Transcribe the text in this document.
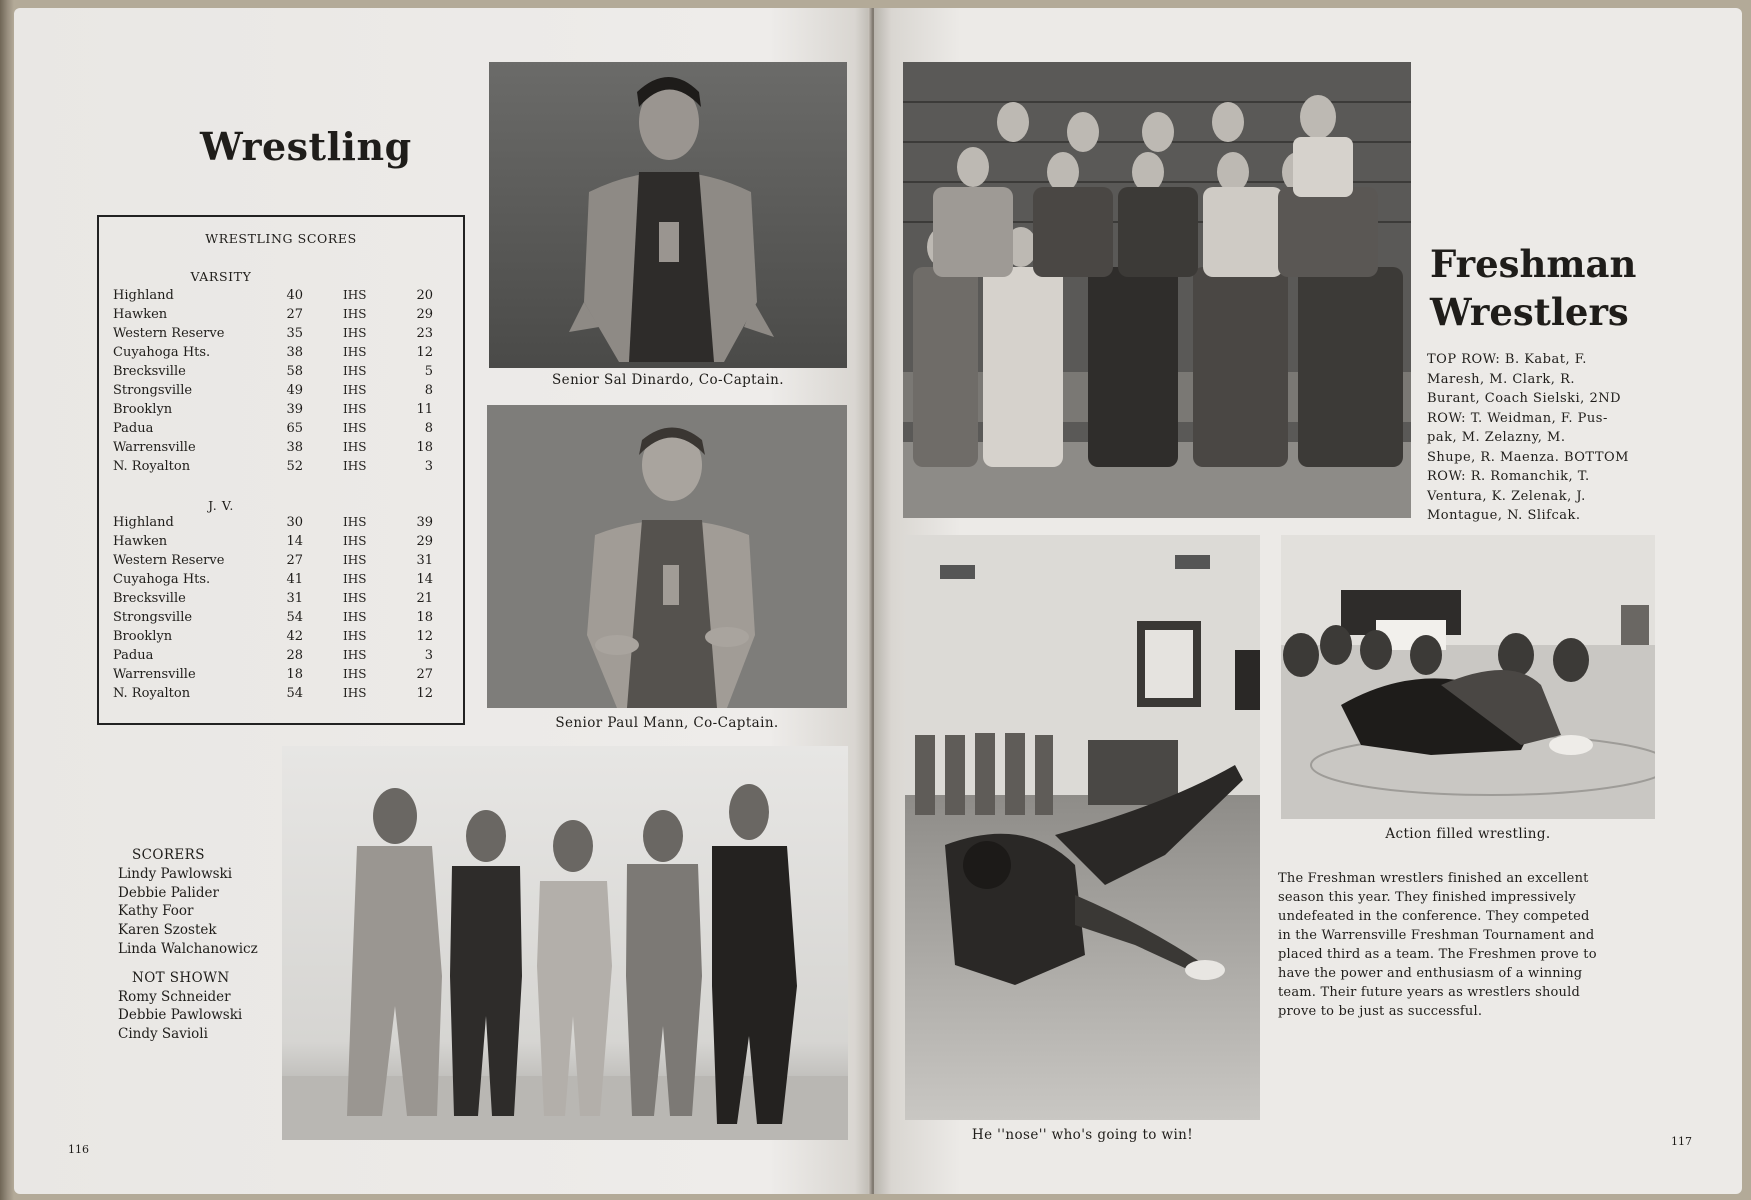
Wrestling
WRESTLING SCORES
VARSITY
Highland	40	IHS	20
Hawken	27	IHS	29
Western Reserve	35	IHS	23
Cuyahoga Hts.	38	IHS	12
Brecksville	58	IHS	5
Strongsville	49	IHS	8
Brooklyn	39	IHS	11
Padua	65	IHS	8
Warrensville	38	IHS	18
N. Royalton	52	IHS	3
J. V.
Highland	30	IHS	39
Hawken	14	IHS	29
Western Reserve	27	IHS	31
Cuyahoga Hts.	41	IHS	14
Brecksville	31	IHS	21
Strongsville	54	IHS	18
Brooklyn	42	IHS	12
Padua	28	IHS	3
Warrensville	18	IHS	27
N. Royalton	54	IHS	12
Senior Sal Dinardo, Co-Captain.
Senior Paul Mann, Co-Captain.
SCORERS
Lindy Pawlowski
Debbie Palider
Kathy Foor
Karen Szostek
Linda Walchanowicz
NOT SHOWN
Romy Schneider
Debbie Pawlowski
Cindy Savioli
116
Freshman
Wrestlers
TOP ROW: B. Kabat, F.
Maresh, M. Clark, R.
Burant, Coach Sielski, 2ND
ROW: T. Weidman, F. Pus-
pak, M. Zelazny, M.
Shupe, R. Maenza. BOTTOM
ROW: R. Romanchik, T.
Ventura, K. Zelenak, J.
Montague, N. Slifcak.
He ''nose'' who's going to win!
Action filled wrestling.
The Freshman wrestlers finished an excellent
season this year. They finished impressively
undefeated in the conference. They competed
in the Warrensville Freshman Tournament and
placed third as a team. The Freshmen prove to
have the power and enthusiasm of a winning
team. Their future years as wrestlers should
prove to be just as successful.
117
